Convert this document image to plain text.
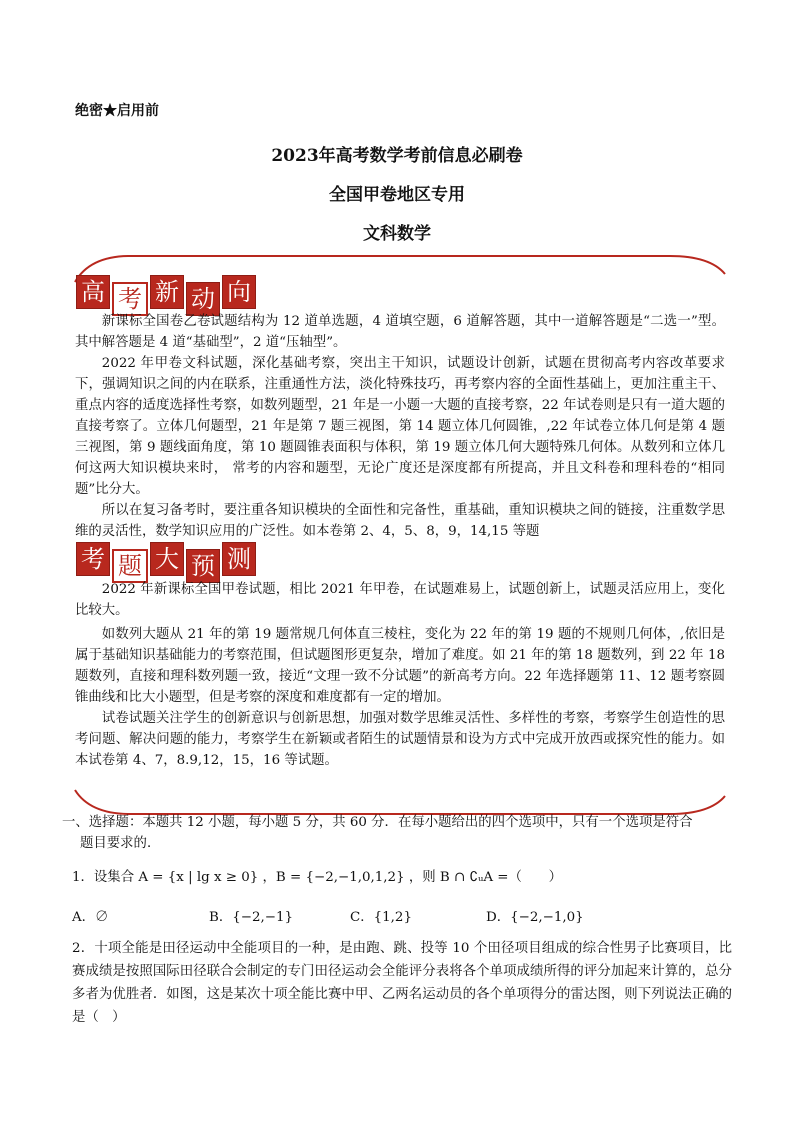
绝密★启用前
2023年高考数学考前信息必刷卷
全国甲卷地区专用
文科数学
高 考 新 动 向
新课标全国卷乙卷试题结构为 12 道单选题，4 道填空题，6 道解答题，其中一道解答题是“二选一”型。其中解答题是 4 道“基础型”，2 道“压轴型”。
2022 年甲卷文科试题，深化基础考察，突出主干知识，试题设计创新，试题在贯彻高考内容改革要求下，强调知识之间的内在联系，注重通性方法，淡化特殊技巧，再考察内容的全面性基础上，更加注重主干、重点内容的适度选择性考察，如数列题型，21 年是一小题一大题的直接考察，22 年试卷则是只有一道大题的直接考察了。立体几何题型，21 年是第 7 题三视图，第 14 题立体几何圆锥，,22 年试卷立体几何是第 4 题三视图，第 9 题线面角度，第 10 题圆锥表面积与体积，第 19 题立体几何大题特殊几何体。从数列和立体几何这两大知识模块来时， 常考的内容和题型，无论广度还是深度都有所提高，并且文科卷和理科卷的“相同题”比分大。
所以在复习备考时，要注重各知识模块的全面性和完备性，重基础，重知识模块之间的链接，注重数学思维的灵活性，数学知识应用的广泛性。如本卷第 2、4，5、8，9，14,15 等题
考 题 大 预 测
2022 年新课标全国甲卷试题，相比 2021 年甲卷，在试题难易上，试题创新上，试题灵活应用上，变化比较大。
如数列大题从 21 年的第 19 题常规几何体直三棱柱，变化为 22 年的第 19 题的不规则几何体，,依旧是属于基础知识基础能力的考察范围，但试题图形更复杂，增加了难度。如 21 年的第 18 题数列，到 22 年 18 题数列，直接和理科数列题一致，接近“文理一致不分试题”的新高考方向。22 年选择题第 11、12 题考察圆锥曲线和比大小题型，但是考察的深度和难度都有一定的增加。
试卷试题关注学生的创新意识与创新思想，加强对数学思维灵活性、多样性的考察，考察学生创造性的思考问题、解决问题的能力，考察学生在新颖或者陌生的试题情景和设为方式中完成开放西或探究性的能力。如本试卷第 4、7，8.9,12，15，16 等试题。
一、选择题：本题共 12 小题，每小题 5 分，共 60 分．在每小题给出的四个选项中，只有一个选项是符合
题目要求的．
1．设集合 A = {x | lg x ≥ 0} ，B = {−2,−1,0,1,2} ，则 B ∩ ∁ᵤA =（　　）
A．∅	B．{−2,−1}	C．{1,2}	D．{−2,−1,0}
2．十项全能是田径运动中全能项目的一种，是由跑、跳、投等 10 个田径项目组成的综合性男子比赛项目，比赛成绩是按照国际田径联合会制定的专门田径运动会全能评分表将各个单项成绩所得的评分加起来计算的，总分多者为优胜者．如图，这是某次十项全能比赛中甲、乙两名运动员的各个单项得分的雷达图，则下列说法正确的是（　）
